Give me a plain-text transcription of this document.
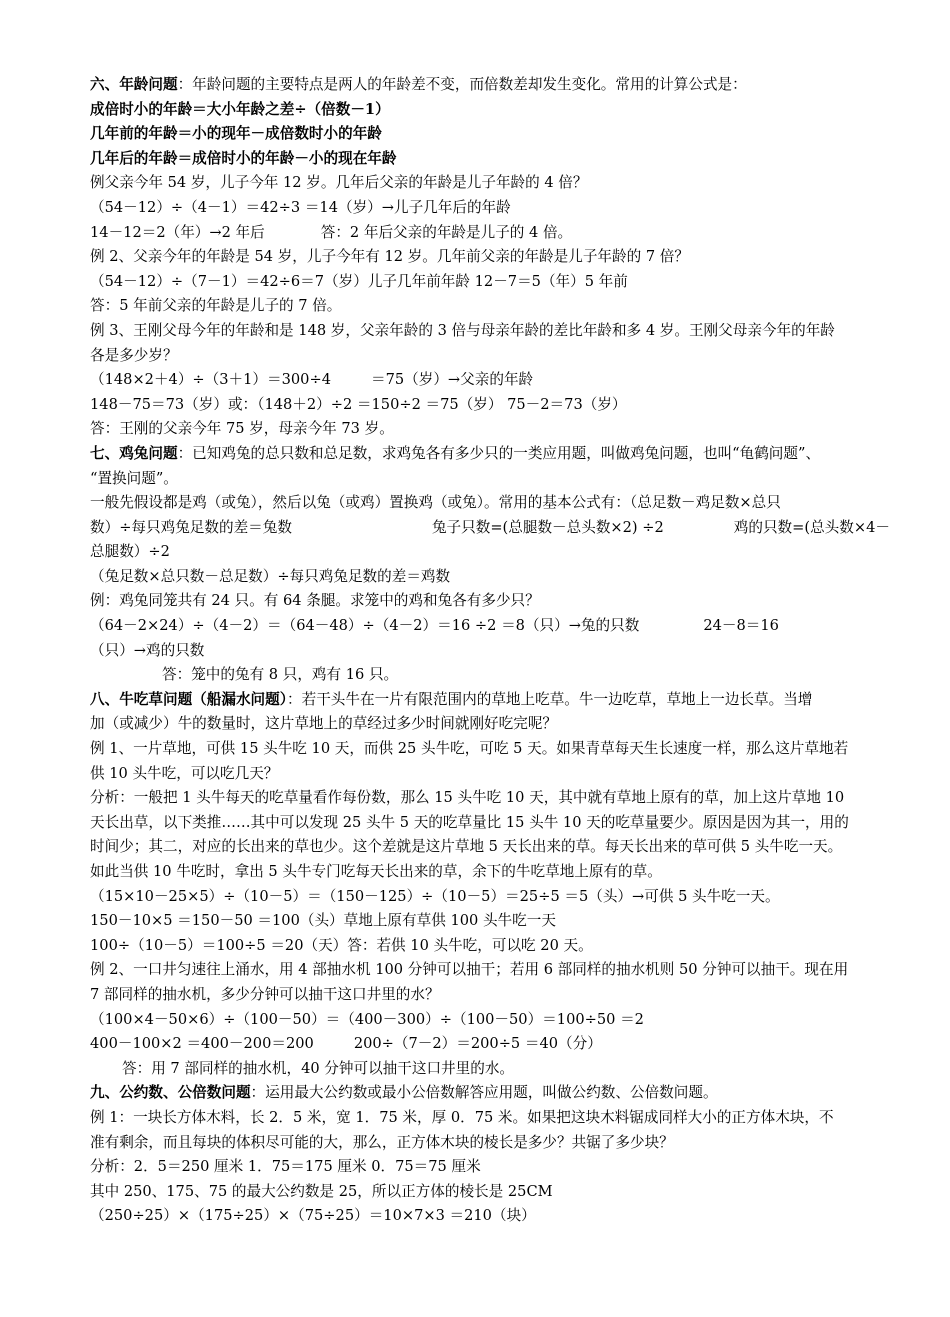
六、年龄问题：年龄问题的主要特点是两人的年龄差不变，而倍数差却发生变化。常用的计算公式是：
成倍时小的年龄＝大小年龄之差÷（倍数－1）
几年前的年龄＝小的现年－成倍数时小的年龄
几年后的年龄＝成倍时小的年龄－小的现在年龄
例父亲今年 54 岁，儿子今年 12 岁。几年后父亲的年龄是儿子年龄的 4 倍？
（54－12）÷（4－1）＝42÷3 ＝14（岁）→儿子几年后的年龄
14－12＝2（年）→2 年后	答：2 年后父亲的年龄是儿子的 4 倍。
例 2、父亲今年的年龄是 54 岁，儿子今年有 12 岁。几年前父亲的年龄是儿子年龄的 7 倍？
（54－12）÷（7－1）＝42÷6＝7（岁）儿子几年前年龄 12－7＝5（年）5 年前
答：5 年前父亲的年龄是儿子的 7 倍。
例 3、王刚父母今年的年龄和是 148 岁，父亲年龄的 3 倍与母亲年龄的差比年龄和多 4 岁。王刚父母亲今年的年龄
各是多少岁？
（148×2＋4）÷（3＋1）＝300÷4	＝75（岁）→父亲的年龄
148－75＝73（岁）或：（148＋2）÷2 ＝150÷2 ＝75（岁） 75－2＝73（岁）
答：王刚的父亲今年 75 岁，母亲今年 73 岁。
七、鸡兔问题：已知鸡兔的总只数和总足数，求鸡兔各有多少只的一类应用题，叫做鸡兔问题，也叫“龟鹤问题”、
“置换问题”。
一般先假设都是鸡（或兔），然后以兔（或鸡）置换鸡（或兔）。常用的基本公式有：（总足数－鸡足数×总只
数）÷每只鸡兔足数的差＝兔数	兔子只数=(总腿数－总头数×2) ÷2	鸡的只数=(总头数×4－
总腿数）÷2
（兔足数×总只数－总足数）÷每只鸡兔足数的差＝鸡数
例：鸡兔同笼共有 24 只。有 64 条腿。求笼中的鸡和兔各有多少只？
（64－2×24）÷（4－2）＝（64－48）÷（4－2）＝16 ÷2 ＝8（只）→兔的只数	24－8＝16
（只）→鸡的只数
答：笼中的兔有 8 只，鸡有 16 只。
八、牛吃草问题（船漏水问题）：若干头牛在一片有限范围内的草地上吃草。牛一边吃草，草地上一边长草。当增
加（或减少）牛的数量时，这片草地上的草经过多少时间就刚好吃完呢？
例 1、一片草地，可供 15 头牛吃 10 天，而供 25 头牛吃，可吃 5 天。如果青草每天生长速度一样，那么这片草地若
供 10 头牛吃，可以吃几天？
分析：一般把 1 头牛每天的吃草量看作每份数，那么 15 头牛吃 10 天，其中就有草地上原有的草，加上这片草地 10
天长出草，以下类推……其中可以发现 25 头牛 5 天的吃草量比 15 头牛 10 天的吃草量要少。原因是因为其一，用的
时间少；其二，对应的长出来的草也少。这个差就是这片草地 5 天长出来的草。每天长出来的草可供 5 头牛吃一天。
如此当供 10 牛吃时，拿出 5 头牛专门吃每天长出来的草，余下的牛吃草地上原有的草。
（15×10－25×5）÷（10－5）＝（150－125）÷（10－5）＝25÷5 ＝5（头）→可供 5 头牛吃一天。
150－10×5 ＝150－50 ＝100（头）草地上原有草供 100 头牛吃一天
100÷（10－5）＝100÷5 ＝20（天）答：若供 10 头牛吃，可以吃 20 天。
例 2、一口井匀速往上涌水，用 4 部抽水机 100 分钟可以抽干；若用 6 部同样的抽水机则 50 分钟可以抽干。现在用
7 部同样的抽水机，多少分钟可以抽干这口井里的水？
（100×4－50×6）÷（100－50）＝（400－300）÷（100－50）＝100÷50 ＝2
400－100×2 ＝400－200＝200	200÷（7－2）＝200÷5 ＝40（分）
答：用 7 部同样的抽水机，40 分钟可以抽干这口井里的水。
九、公约数、公倍数问题：运用最大公约数或最小公倍数解答应用题，叫做公约数、公倍数问题。
例 1：一块长方体木料，长 2．5 米，宽 1．75 米，厚 0．75 米。如果把这块木料锯成同样大小的正方体木块，不
准有剩余，而且每块的体积尽可能的大，那么，正方体木块的棱长是多少？共锯了多少块？
分析：2．5＝250 厘米 1．75＝175 厘米 0．75＝75 厘米
其中 250、175、75 的最大公约数是 25，所以正方体的棱长是 25CM
（250÷25）×（175÷25）×（75÷25）＝10×7×3 ＝210（块）
